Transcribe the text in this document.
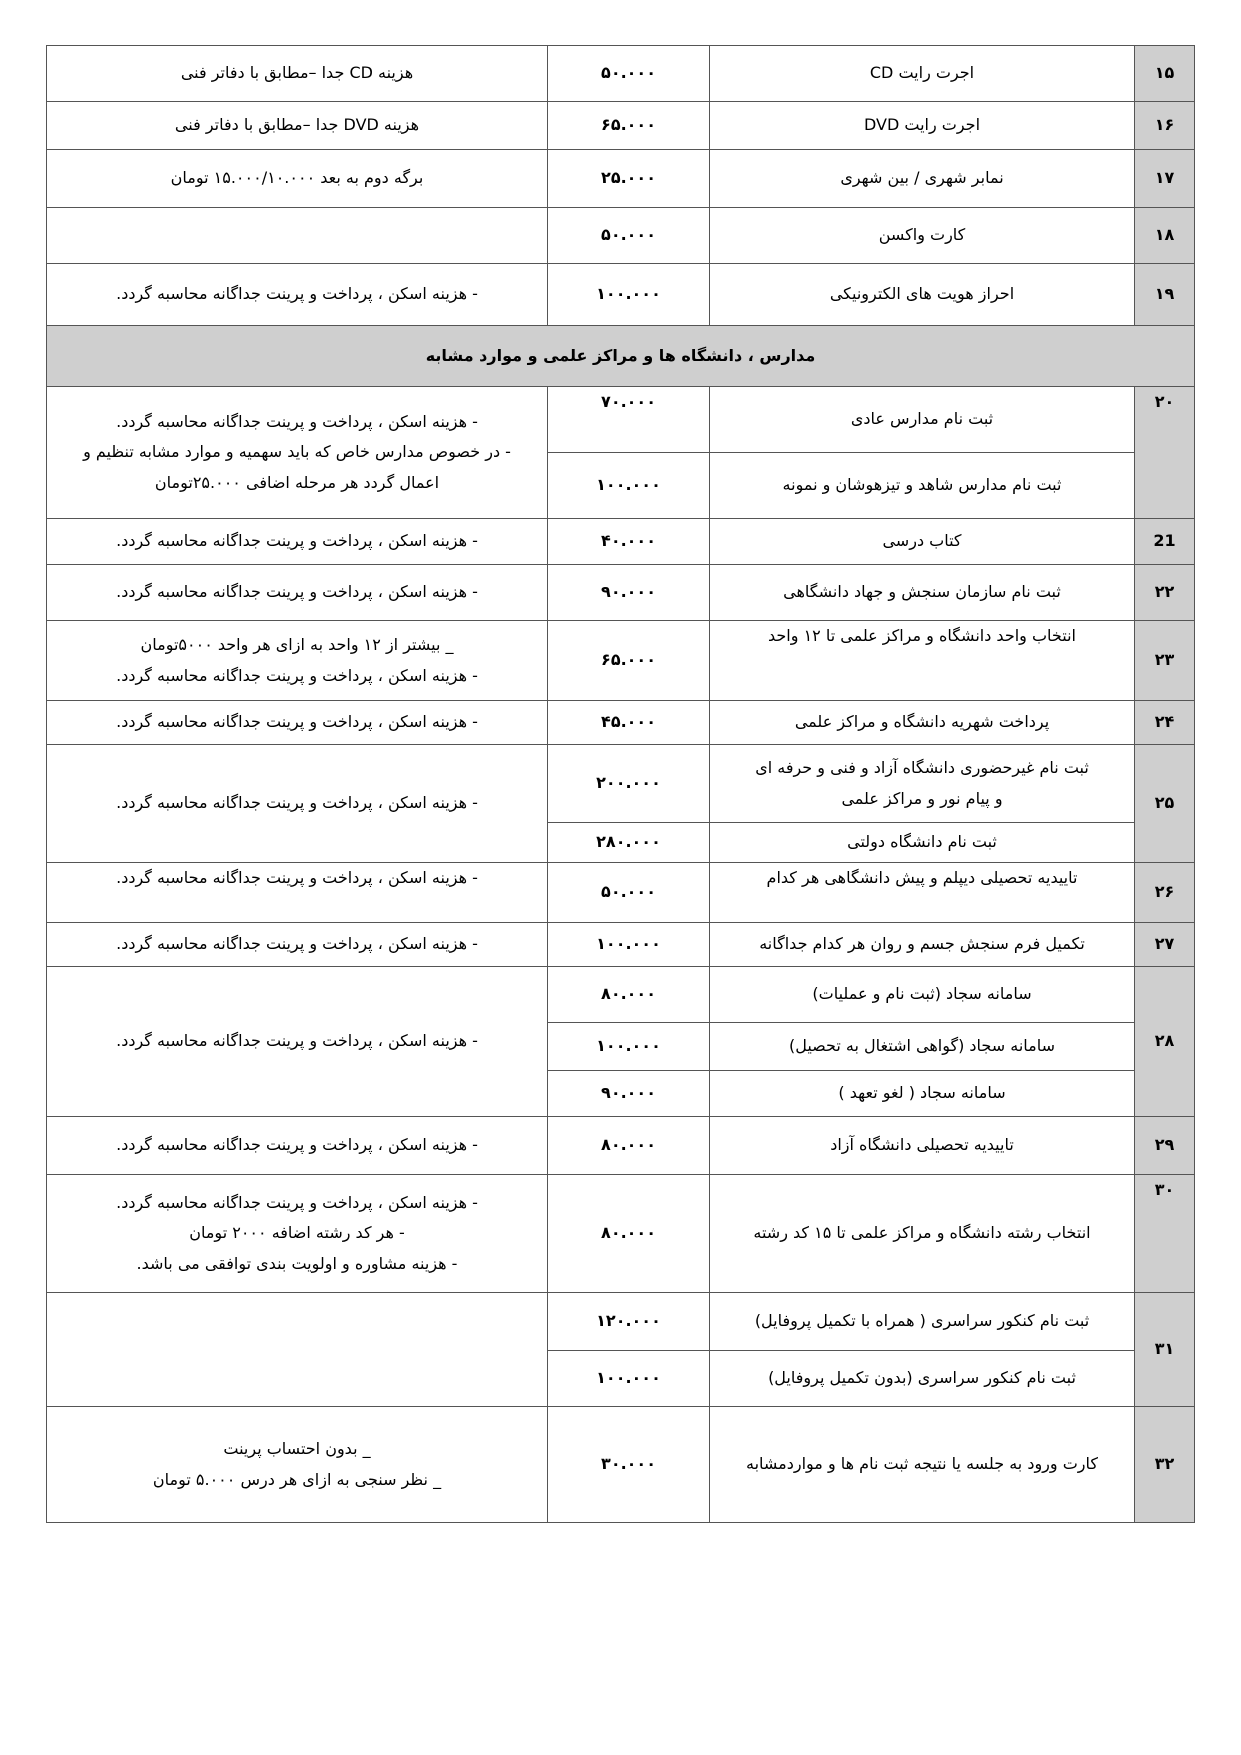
۱۵	اجرت رایت CD	۵۰.۰۰۰	هزینه CD جدا –مطابق با دفاتر فنی
۱۶	اجرت رایت DVD	۶۵.۰۰۰	هزینه DVD جدا –مطابق با دفاتر فنی
۱۷	نمابر شهری / بین شهری	۲۵.۰۰۰	برگه دوم به بعد ۱۵.۰۰۰/۱۰.۰۰۰ تومان
۱۸	کارت واکسن	۵۰.۰۰۰	
۱۹	احراز هویت های الکترونیکی	۱۰۰.۰۰۰	- هزینه اسکن ، پرداخت و پرینت جداگانه محاسبه گردد.
مدارس ، دانشگاه ها و مراکز علمی و موارد مشابه			
۲۰	ثبت نام مدارس عادی	۷۰.۰۰۰	- هزینه اسکن ، پرداخت و پرینت جداگانه محاسبه گردد.
- در خصوص مدارس خاص که باید سهمیه و موارد مشابه تنظیم و
اعمال گردد هر مرحله اضافی ۲۵.۰۰۰تومان

	ثبت نام مدارس شاهد و تیزهوشان و نمونه	۱۰۰.۰۰۰	
21	کتاب درسی	۴۰.۰۰۰	- هزینه اسکن ، پرداخت و پرینت جداگانه محاسبه گردد.
۲۲	ثبت نام سازمان سنجش و جهاد دانشگاهی	۹۰.۰۰۰	- هزینه اسکن ، پرداخت و پرینت جداگانه محاسبه گردد.
۲۳	انتخاب واحد دانشگاه و مراکز علمی تا ۱۲ واحد	۶۵.۰۰۰	_ بیشتر از ۱۲ واحد به ازای هر واحد ۵۰۰۰تومان
- هزینه اسکن ، پرداخت و پرینت جداگانه محاسبه گردد.

۲۴	پرداخت شهریه دانشگاه و مراکز علمی	۴۵.۰۰۰	- هزینه اسکن ، پرداخت و پرینت جداگانه محاسبه گردد.
۲۵	ثبت نام غیرحضوری دانشگاه آزاد و فنی و حرفه ای
و پیام نور و مراکز علمی	۲۰۰.۰۰۰	- هزینه اسکن ، پرداخت و پرینت جداگانه محاسبه گردد.
	ثبت نام دانشگاه دولتی	۲۸۰.۰۰۰	
۲۶	تاییدیه تحصیلی دیپلم و پیش دانشگاهی هر کدام	۵۰.۰۰۰	- هزینه اسکن ، پرداخت و پرینت جداگانه محاسبه گردد.
۲۷	تکمیل فرم سنجش جسم و روان هر کدام جداگانه	۱۰۰.۰۰۰	- هزینه اسکن ، پرداخت و پرینت جداگانه محاسبه گردد.
۲۸	سامانه سجاد (ثبت نام و عملیات)	۸۰.۰۰۰	- هزینه اسکن ، پرداخت و پرینت جداگانه محاسبه گردد.
	سامانه سجاد (گواهی اشتغال به تحصیل)	۱۰۰.۰۰۰	
	سامانه سجاد ( لغو تعهد )	۹۰.۰۰۰	
۲۹	تاییدیه تحصیلی دانشگاه آزاد	۸۰.۰۰۰	- هزینه اسکن ، پرداخت و پرینت جداگانه محاسبه گردد.
۳۰	انتخاب رشته دانشگاه و مراکز علمی تا ۱۵ کد رشته	۸۰.۰۰۰	- هزینه اسکن ، پرداخت و پرینت جداگانه محاسبه گردد.
- هر کد رشته اضافه ۲۰۰۰ تومان
- هزینه مشاوره و اولویت بندی توافقی می باشد.

۳۱	ثبت نام کنکور سراسری ( همراه با تکمیل پروفایل)	۱۲۰.۰۰۰	
	ثبت نام کنکور سراسری (بدون تکمیل پروفایل)	۱۰۰.۰۰۰	
۳۲	کارت ورود به جلسه یا نتیجه ثبت نام ها و مواردمشابه	۳۰.۰۰۰	_ بدون احتساب پرینت
_ نظر سنجی به ازای هر درس ۵.۰۰۰ تومان
